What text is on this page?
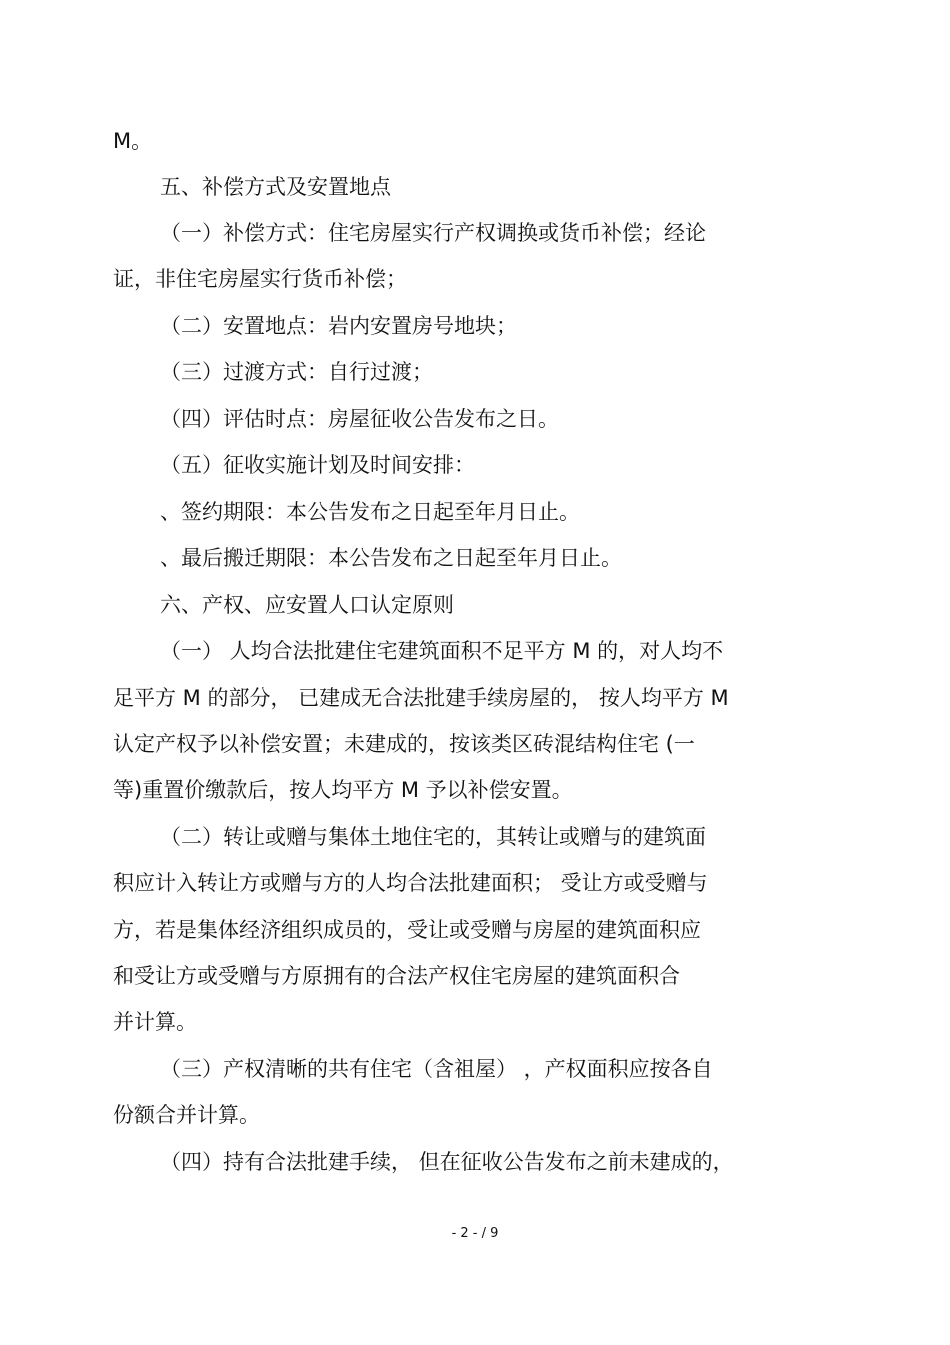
M。
五、补偿方式及安置地点
（一）补偿方式：住宅房屋实行产权调换或货币补偿；经论
证，非住宅房屋实行货币补偿；
（二）安置地点：岩内安置房号地块；
（三）过渡方式：自行过渡；
（四）评估时点：房屋征收公告发布之日。
（五）征收实施计划及时间安排：
、签约期限：本公告发布之日起至年月日止。
、最后搬迁期限：本公告发布之日起至年月日止。
六、产权、应安置人口认定原则
（一） 人均合法批建住宅建筑面积不足平方 M 的，对人均不
足平方 M 的部分， 已建成无合法批建手续房屋的， 按人均平方 M
认定产权予以补偿安置；未建成的，按该类区砖混结构住宅 (一
等)重置价缴款后，按人均平方 M 予以补偿安置。
（二）转让或赠与集体土地住宅的，其转让或赠与的建筑面
积应计入转让方或赠与方的人均合法批建面积； 受让方或受赠与
方，若是集体经济组织成员的，受让或受赠与房屋的建筑面积应
和受让方或受赠与方原拥有的合法产权住宅房屋的建筑面积合
并计算。
（三）产权清晰的共有住宅（含祖屋） ，产权面积应按各自
份额合并计算。
（四）持有合法批建手续， 但在征收公告发布之前未建成的，
- 2 - / 9
